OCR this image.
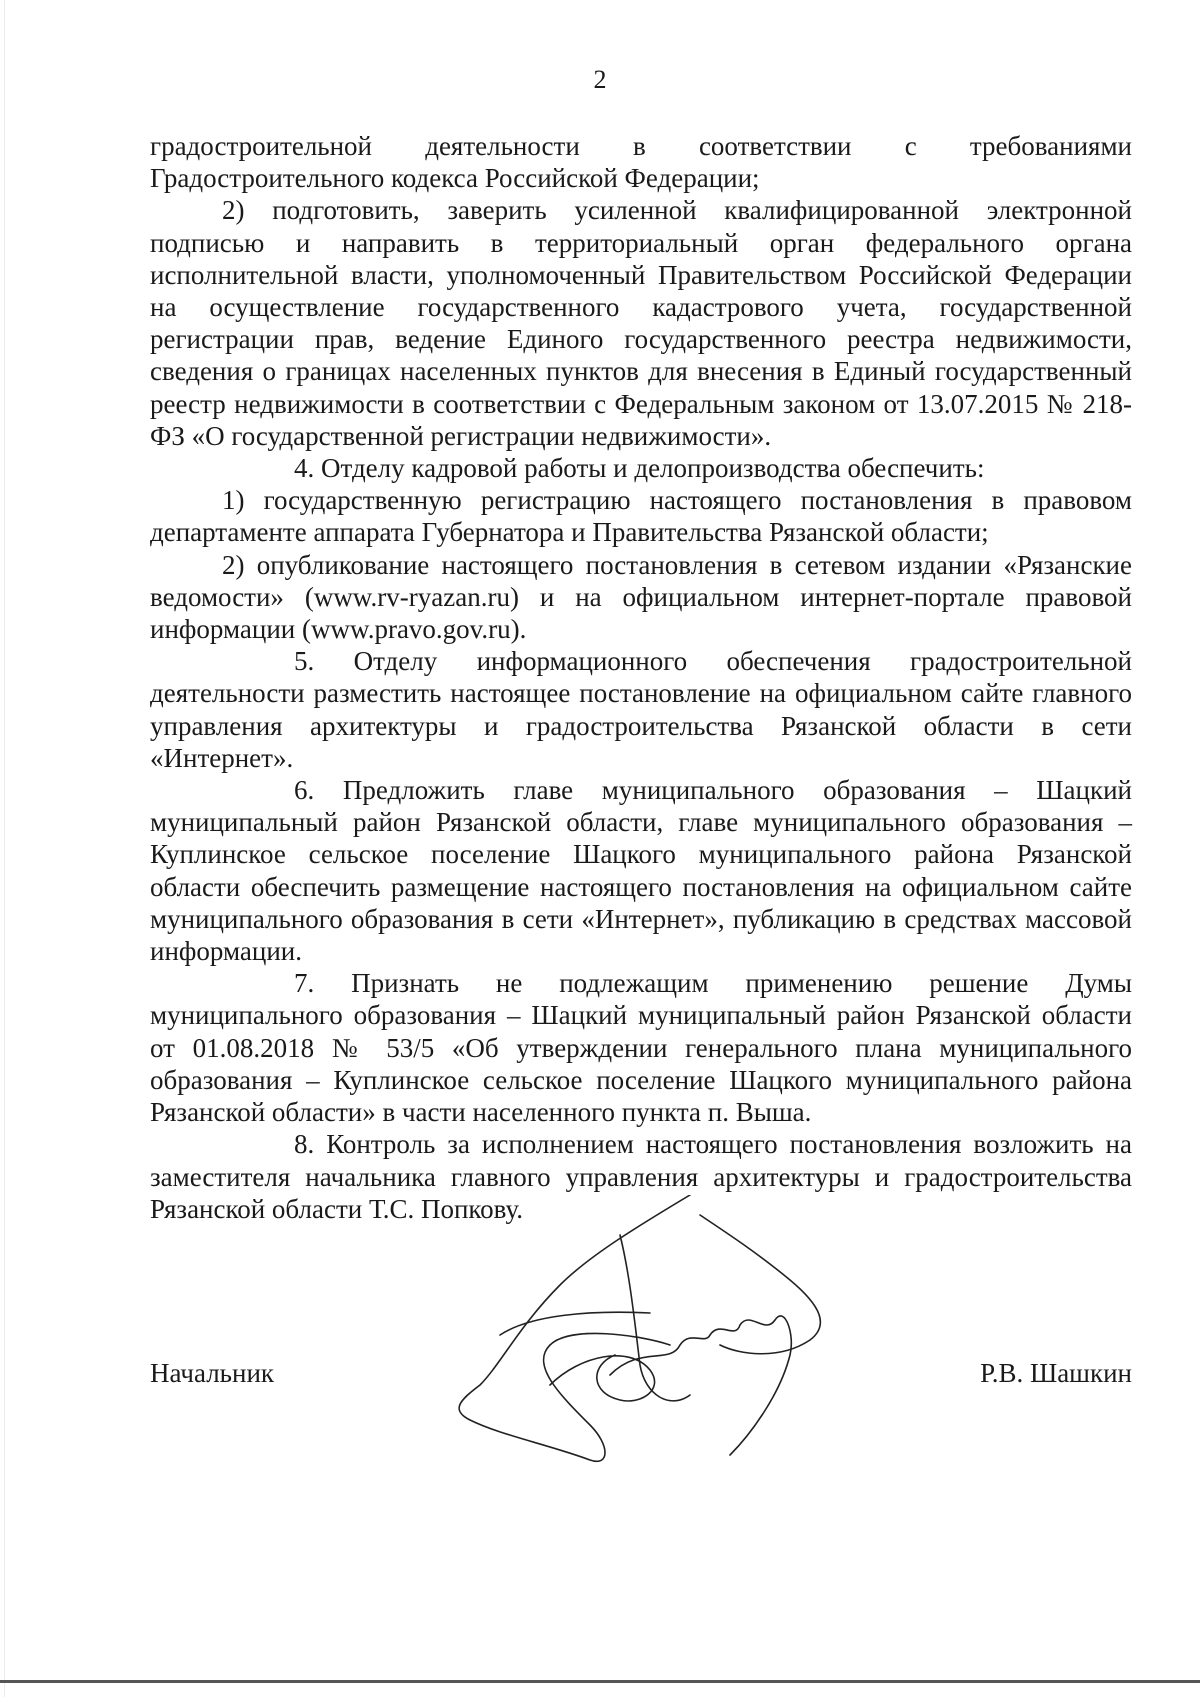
2

градостроительной деятельности в соответствии с требованиями Градостроительного кодекса Российской Федерации;

2) подготовить, заверить усиленной квалифицированной электронной подписью и направить в территориальный орган федерального органа исполнительной власти, уполномоченный Правительством Российской Федерации на осуществление государственного кадастрового учета, государственной регистрации прав, ведение Единого государственного реестра недвижимости, сведения о границах населенных пунктов для внесения в Единый государственный реестр недвижимости в соответствии с Федеральным законом от 13.07.2015 № 218-ФЗ «О государственной регистрации недвижимости».

4. Отделу кадровой работы и делопроизводства обеспечить:

1) государственную регистрацию настоящего постановления в правовом департаменте аппарата Губернатора и Правительства Рязанской области;

2) опубликование настоящего постановления в сетевом издании «Рязанские ведомости» (www.rv-ryazan.ru) и на официальном интернет-портале правовой информации (www.pravo.gov.ru).

5. Отделу информационного обеспечения градостроительной деятельности разместить настоящее постановление на официальном сайте главного управления архитектуры и градостроительства Рязанской области в сети «Интернет».

6. Предложить главе муниципального образования – Шацкий муниципальный район Рязанской области, главе муниципального образования – Куплинское сельское поселение Шацкого муниципального района Рязанской области обеспечить размещение настоящего постановления на официальном сайте муниципального образования в сети «Интернет», публикацию в средствах массовой информации.

7. Признать не подлежащим применению решение Думы муниципального образования – Шацкий муниципальный район Рязанской области от 01.08.2018 № 53/5 «Об утверждении генерального плана муниципального образования – Куплинское сельское поселение Шацкого муниципального района Рязанской области» в части населенного пункта п. Выша.

8. Контроль за исполнением настоящего постановления возложить на заместителя начальника главного управления архитектуры и градостроительства Рязанской области Т.С. Попкову.

Начальник	Р.В. Шашкин
